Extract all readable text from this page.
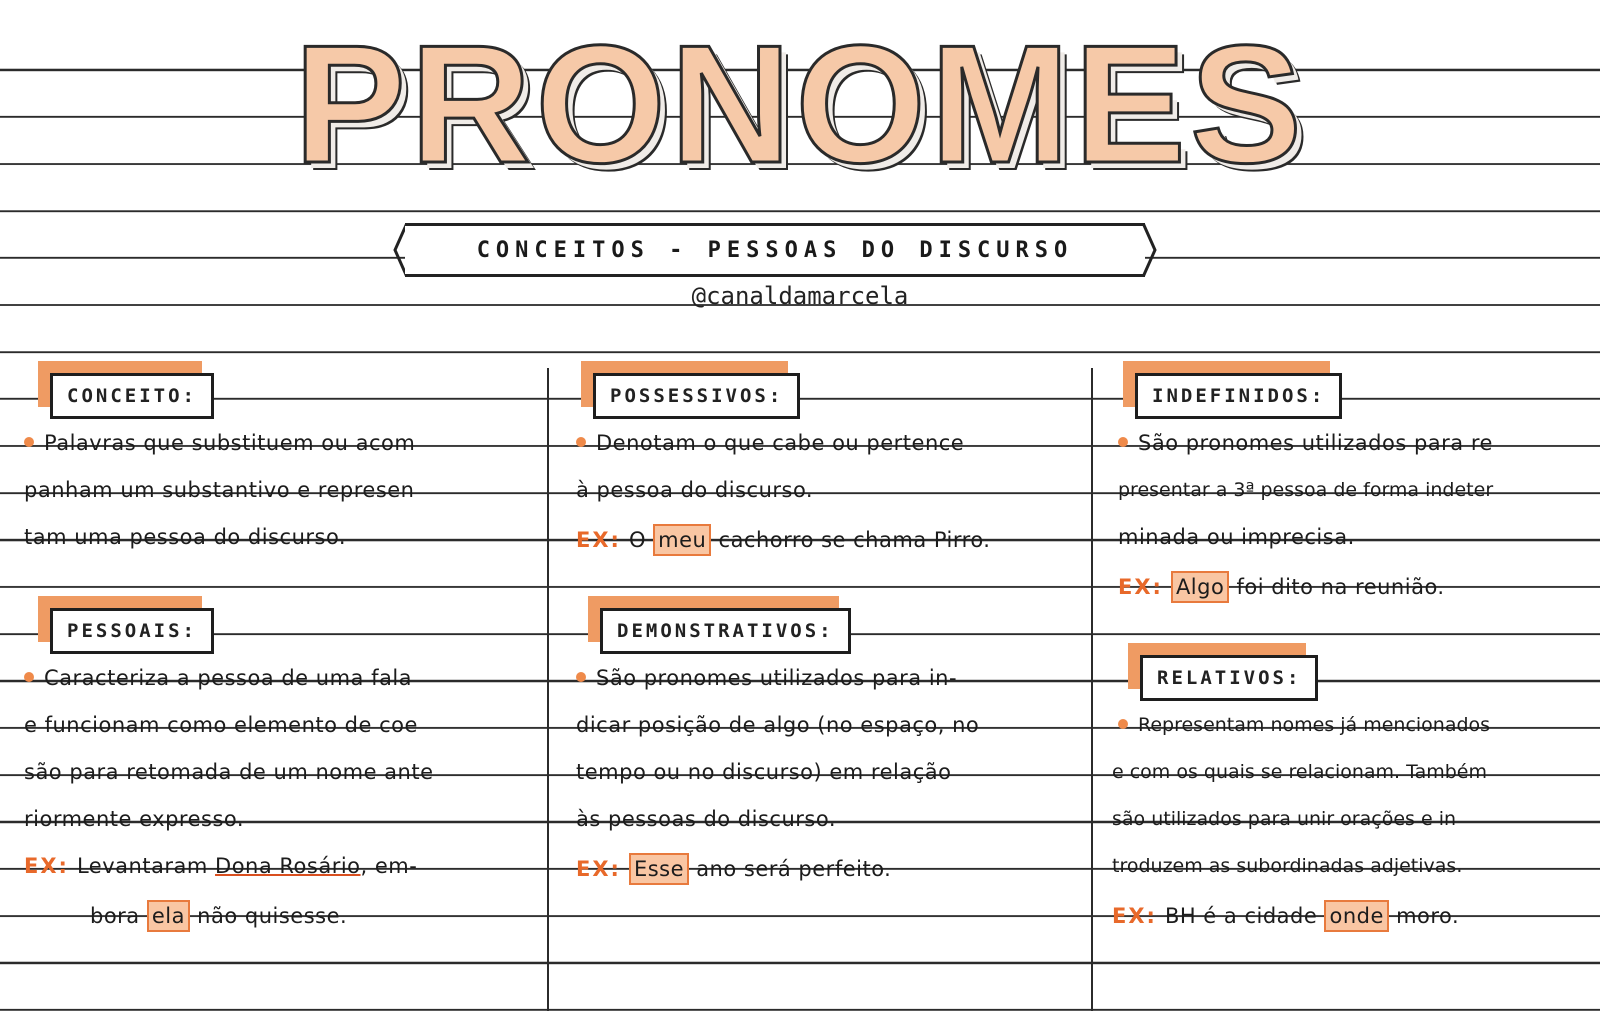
PRONOMES
CONCEITOS - PESSOAS DO DISCURSO
@canaldamarcela
CONCEITO:
Palavras que substituem ou acom
panham um substantivo e represen
tam uma pessoa do discurso.
PESSOAIS:
Caracteriza a pessoa de uma fala
e funcionam como elemento de coe
são para retomada de um nome ante
riormente expresso.
EX: Levantaram Dona Rosário, em-
bora ela não quisesse.
POSSESSIVOS:
Denotam o que cabe ou pertence
à pessoa do discurso.
EX: O meu cachorro se chama Pirro.
DEMONSTRATIVOS:
São pronomes utilizados para in-
dicar posição de algo (no espaço, no
tempo ou no discurso) em relação
às pessoas do discurso.
EX: Esse ano será perfeito.
INDEFINIDOS:
São pronomes utilizados para re
presentar a 3ª pessoa de forma indeter
minada ou imprecisa.
EX: Algo foi dito na reunião.
RELATIVOS:
Representam nomes já mencionados
e com os quais se relacionam. Também
são utilizados para unir orações e in
troduzem as subordinadas adjetivas.
EX: BH é a cidade onde moro.
